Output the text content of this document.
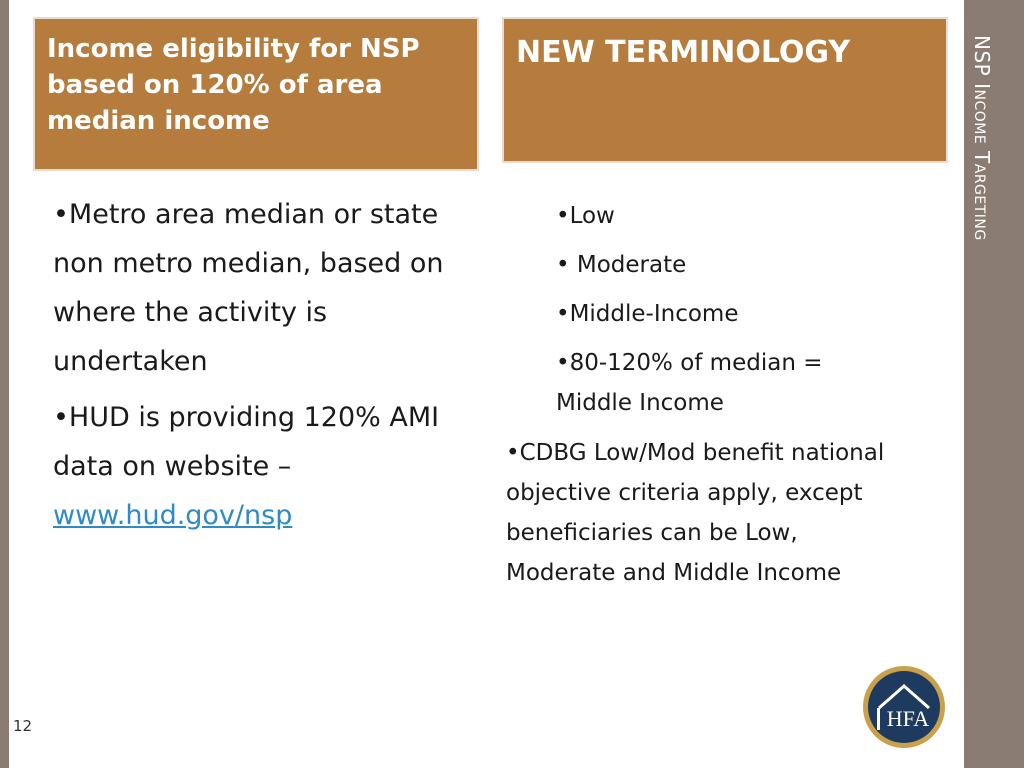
NSP Income Targeting
Income eligibility for NSP based on 120% of area median income
NEW TERMINOLOGY

•Metro area median or state non metro median, based on where the activity is undertaken

•HUD is providing 120% AMI data on website –
www.hud.gov/nsp

•Low
• Moderate
•Middle-Income
•80-120% of median = Middle Income

•CDBG Low/Mod benefit national objective criteria apply, except beneficiaries can be Low, Moderate and Middle Income

HFA
12
